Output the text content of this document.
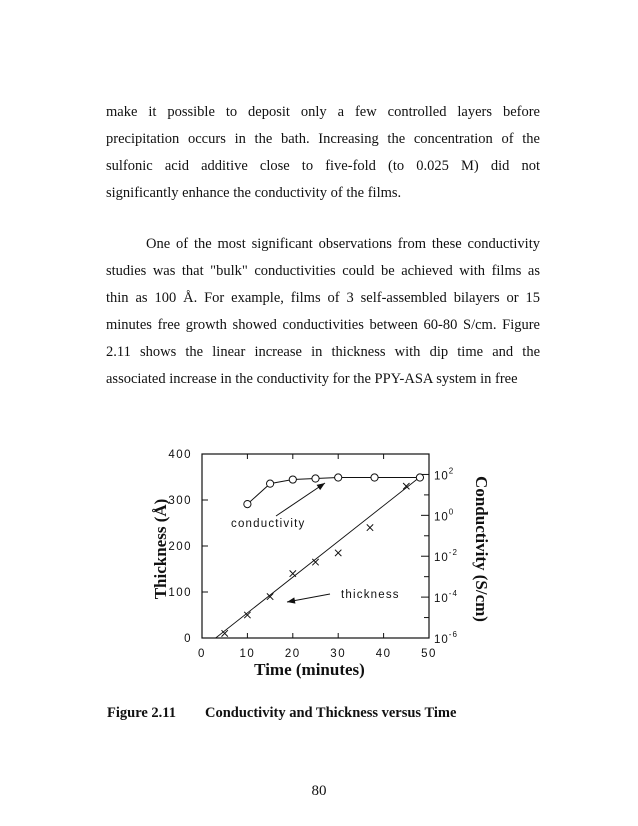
make it possible to deposit only a few controlled layers before
precipitation occurs in the bath. Increasing the concentration of the
sulfonic acid additive close to five-fold (to 0.025 M) did not
significantly enhance the conductivity of the films.
One of the most significant observations from these conductivity
studies was that "bulk" conductivities could be achieved with films as
thin as 100 Å. For example, films of 3 self-assembled bilayers or 15
minutes free growth showed conductivities between 60-80 S/cm. Figure
2.11 shows the linear increase in thickness with dip time and the
associated increase in the conductivity for the PPY-ASA system in free
0	10	20	30	40	50
0
100
200
300
400
$10^2$
$10^0$
$10^{-2}$
$10^{-4}$
$10^{-6}$
conductivity
thickness
Time (minutes)
Thickness (Å)	Conductivity (S/cm)
Figure 2.11 Conductivity and Thickness versus Time
80
